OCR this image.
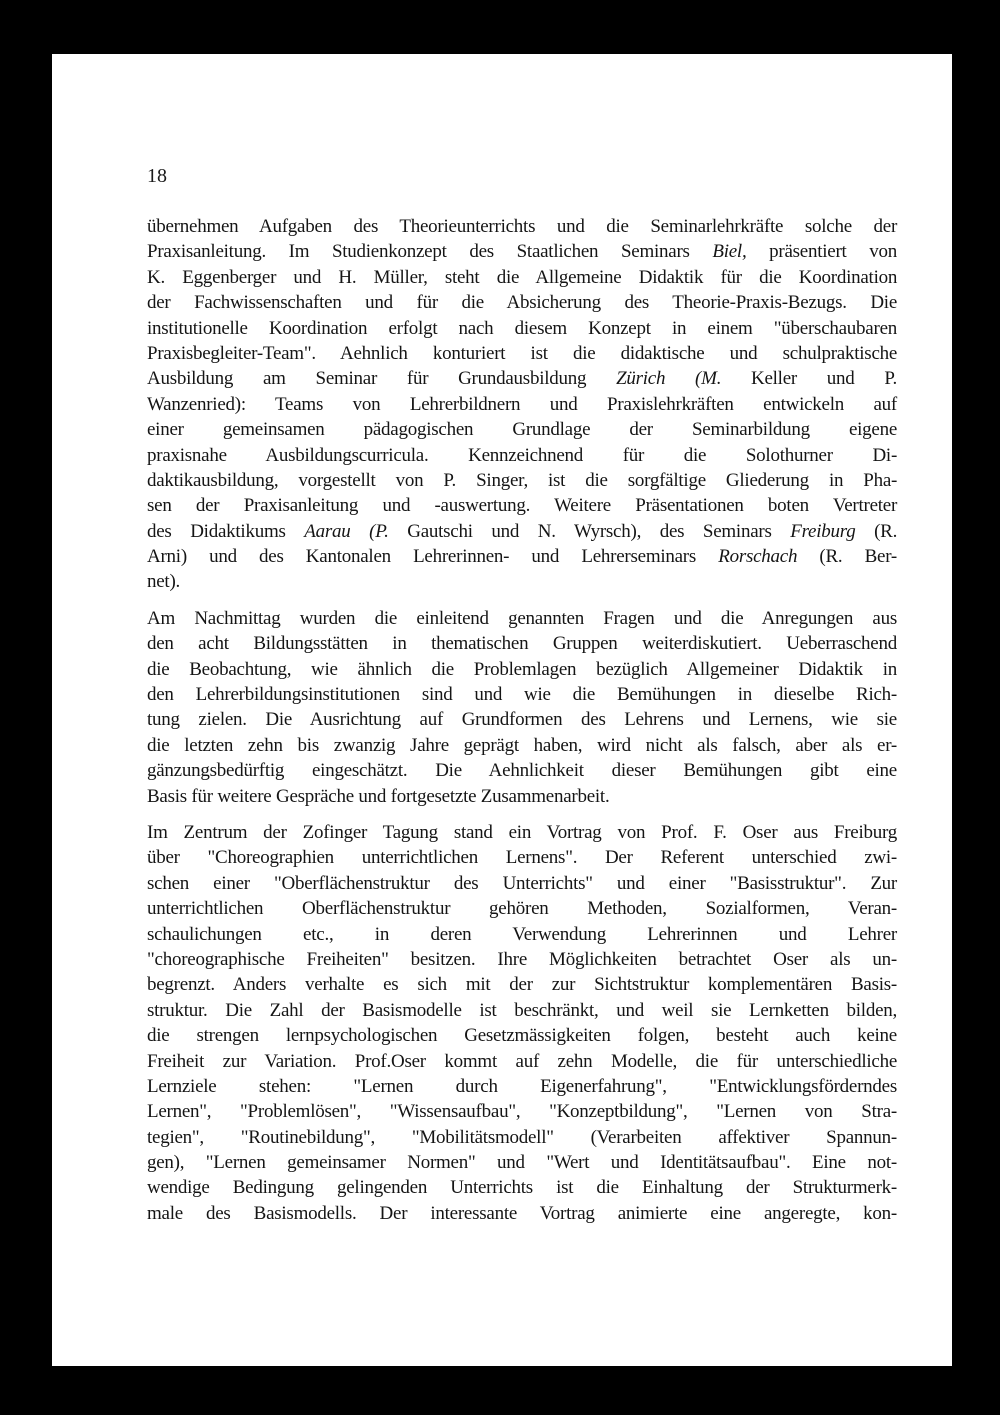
18
übernehmen Aufgaben des Theorieunterrichts und die Seminarlehrkräfte solche der
Praxisanleitung. Im Studienkonzept des Staatlichen Seminars Biel, präsentiert von
K. Eggenberger und H. Müller, steht die Allgemeine Didaktik für die Koordination
der Fachwissenschaften und für die Absicherung des Theorie-Praxis-Bezugs. Die
institutionelle Koordination erfolgt nach diesem Konzept in einem "überschaubaren
Praxisbegleiter-Team". Aehnlich konturiert ist die didaktische und schulpraktische
Ausbildung am Seminar für Grundausbildung Zürich (M. Keller und P.
Wanzenried): Teams von Lehrerbildnern und Praxislehrkräften entwickeln auf
einer gemeinsamen pädagogischen Grundlage der Seminarbildung eigene
praxisnahe Ausbildungscurricula. Kennzeichnend für die Solothurner Di-
daktikausbildung, vorgestellt von P. Singer, ist die sorgfältige Gliederung in Pha-
sen der Praxisanleitung und -auswertung. Weitere Präsentationen boten Vertreter
des Didaktikums Aarau (P. Gautschi und N. Wyrsch), des Seminars Freiburg (R.
Arni) und des Kantonalen Lehrerinnen- und Lehrerseminars Rorschach (R. Ber-
net).
Am Nachmittag wurden die einleitend genannten Fragen und die Anregungen aus
den acht Bildungsstätten in thematischen Gruppen weiterdiskutiert. Ueberraschend
die Beobachtung, wie ähnlich die Problemlagen bezüglich Allgemeiner Didaktik in
den Lehrerbildungsinstitutionen sind und wie die Bemühungen in dieselbe Rich-
tung zielen. Die Ausrichtung auf Grundformen des Lehrens und Lernens, wie sie
die letzten zehn bis zwanzig Jahre geprägt haben, wird nicht als falsch, aber als er-
gänzungsbedürftig eingeschätzt. Die Aehnlichkeit dieser Bemühungen gibt eine
Basis für weitere Gespräche und fortgesetzte Zusammenarbeit.
Im Zentrum der Zofinger Tagung stand ein Vortrag von Prof. F. Oser aus Freiburg
über "Choreographien unterrichtlichen Lernens". Der Referent unterschied zwi-
schen einer "Oberflächenstruktur des Unterrichts" und einer "Basisstruktur". Zur
unterrichtlichen Oberflächenstruktur gehören Methoden, Sozialformen, Veran-
schaulichungen etc., in deren Verwendung Lehrerinnen und Lehrer
"choreographische Freiheiten" besitzen. Ihre Möglichkeiten betrachtet Oser als un-
begrenzt. Anders verhalte es sich mit der zur Sichtstruktur komplementären Basis-
struktur. Die Zahl der Basismodelle ist beschränkt, und weil sie Lernketten bilden,
die strengen lernpsychologischen Gesetzmässigkeiten folgen, besteht auch keine
Freiheit zur Variation. Prof.Oser kommt auf zehn Modelle, die für unterschiedliche
Lernziele stehen: "Lernen durch Eigenerfahrung", "Entwicklungsförderndes
Lernen", "Problemlösen", "Wissensaufbau", "Konzeptbildung", "Lernen von Stra-
tegien", "Routinebildung", "Mobilitätsmodell" (Verarbeiten affektiver Spannun-
gen), "Lernen gemeinsamer Normen" und "Wert und Identitätsaufbau". Eine not-
wendige Bedingung gelingenden Unterrichts ist die Einhaltung der Strukturmerk-
male des Basismodells. Der interessante Vortrag animierte eine angeregte, kon-
